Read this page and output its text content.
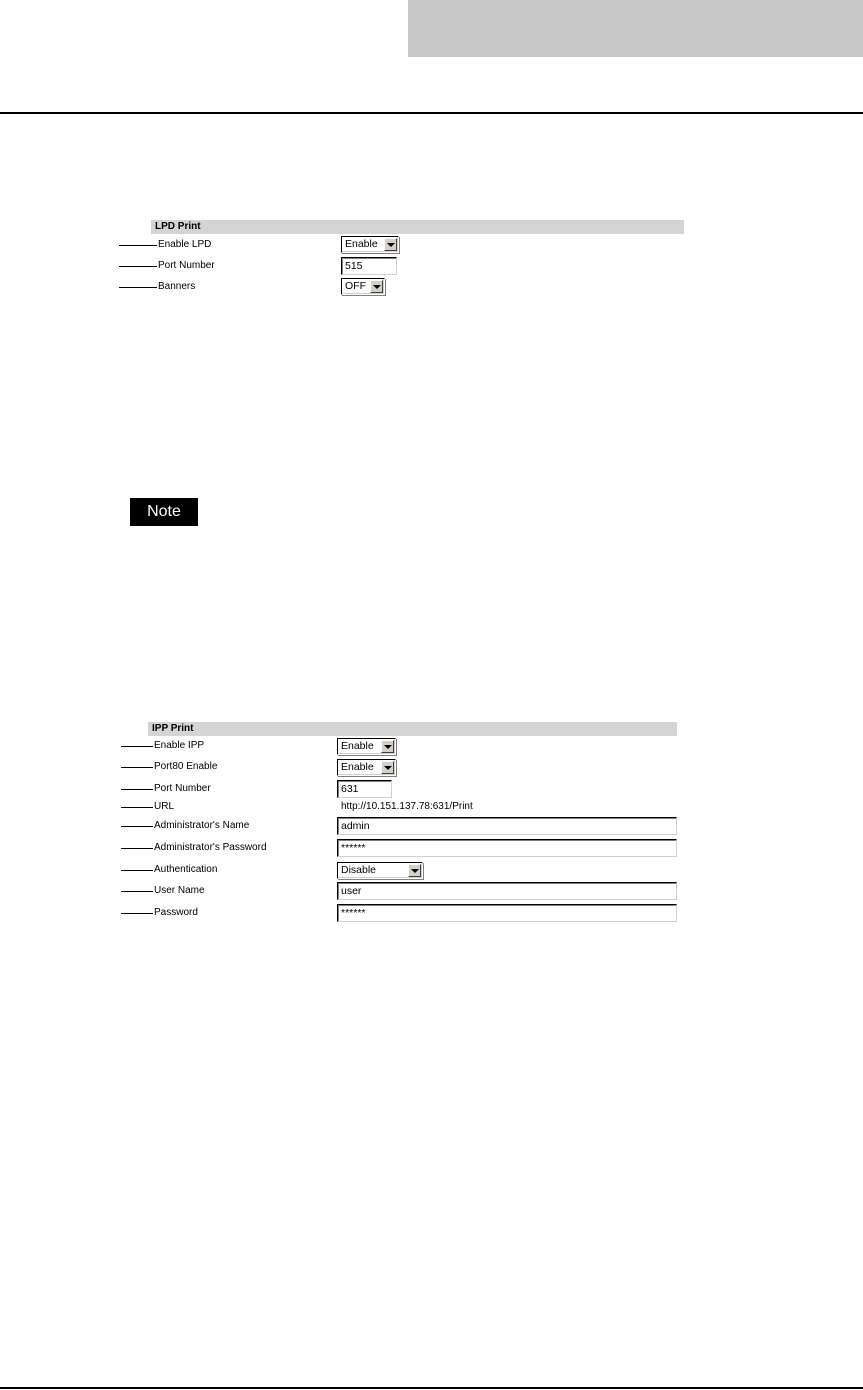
LPD Print
Enable LPD	Enable
Port Number	515
Banners	OFF
Note
IPP Print
Enable IPP	Enable
Port80 Enable	Enable
Port Number	631
URL	http://10.151.137.78:631/Print
Administrator's Name	admin
Administrator's Password	******
Authentication	Disable
User Name	user
Password	******
